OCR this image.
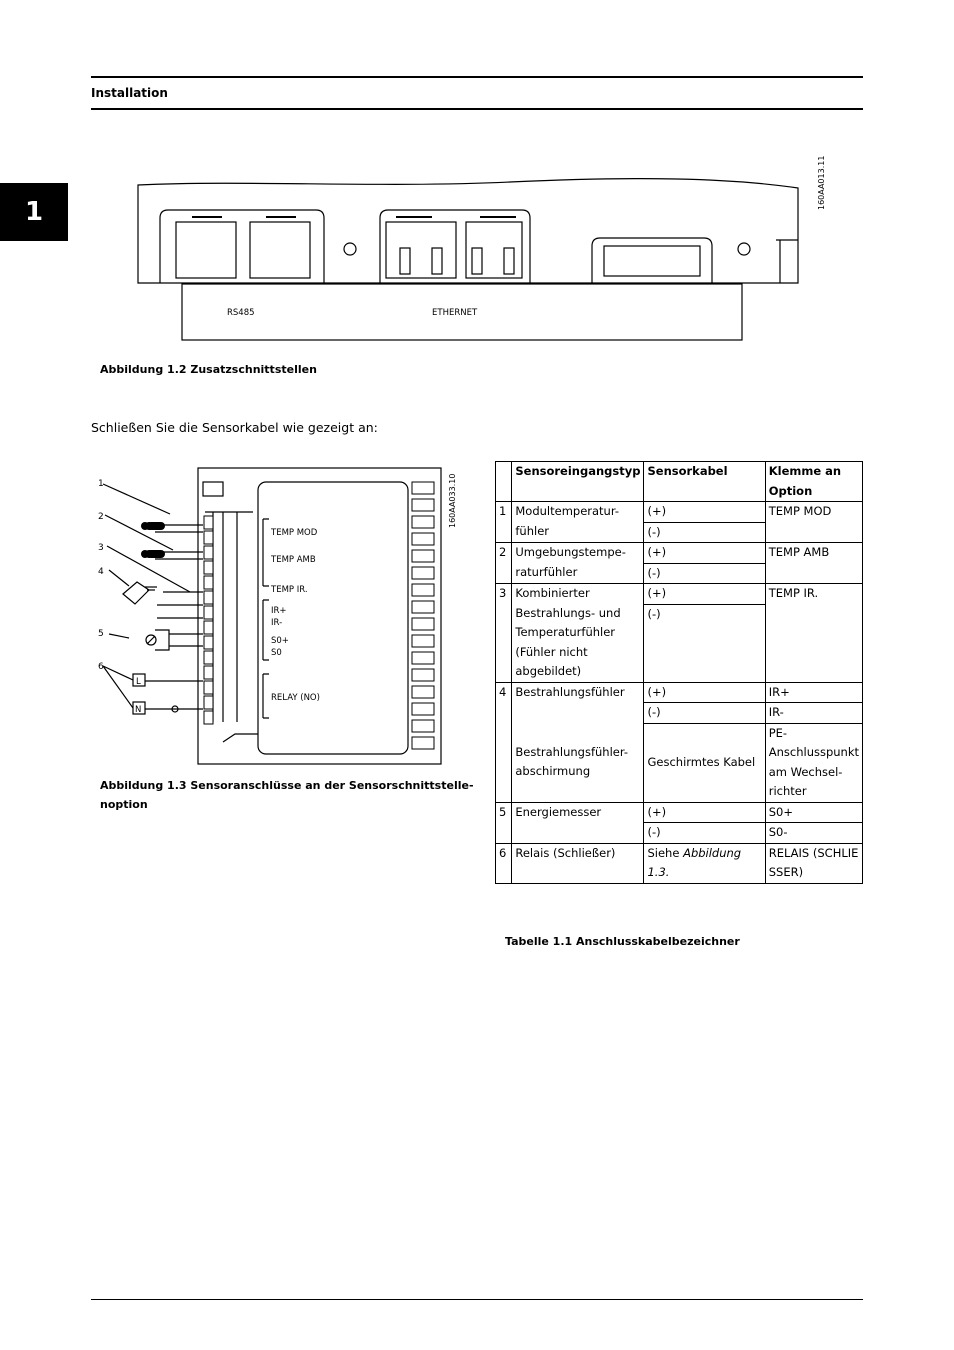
Installation
1
RS485	ETHERNET
160AA013.11
Abbildung 1.2 Zusatzschnittstellen
Schließen Sie die Sensorkabel wie gezeigt an:
1
2
3
4
5
6
L
N
TEMP MOD
TEMP AMB
TEMP IR.
IR+
IR-
S0+
S0
RELAY (NO)
160AA033.10
Abbildung 1.3 Sensoranschlüsse an der Sensorschnittstelle-
noption
	Sensoreingangstyp	Sensorkabel	Klemme an Option
1	Modultemperatur-fühler	(+)	TEMP MOD
		(-)	
2	Umgebungstempe-raturfühler	(+)	TEMP AMB
		(-)	
3	Kombinierter Bestrahlungs- und Temperaturfühler (Fühler nicht abgebildet)	(+)	TEMP IR.
		(-)	
4	Bestrahlungsfühler	(+)	IR+
		(-)	IR-
	Bestrahlungsfühler-abschirmung	Geschirmtes Kabel	PE-Anschlusspunkt am Wechsel-richter
5	Energiemesser	(+)	S0+
		(-)	S0-
6	Relais (Schließer)	Siehe Abbildung 1.3.	RELAIS (SCHLIESSER)
Tabelle 1.1 Anschlusskabelbezeichner
